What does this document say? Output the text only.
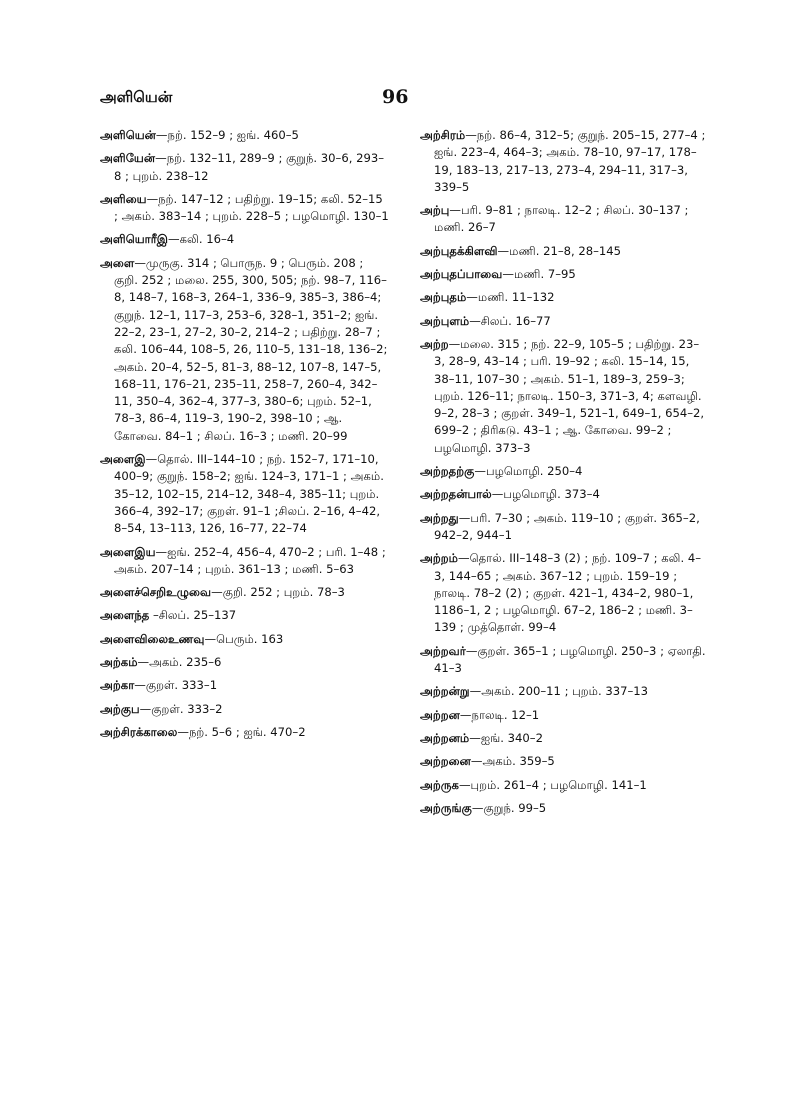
அளியென்	96

அளியென்—நற். 152–9 ; ஐங். 460–5

அளியேன்—நற். 132–11, 289–9 ; குறுந். 30–6, 293–8 ; புறம். 238–12

அளியை—நற். 147–12 ; பதிற்று. 19–15; கலி. 52–15 ; அகம். 383–14 ; புறம். 228–5 ; பழமொழி. 130–1

அளியொரீஇ—கலி. 16–4

அளை—முருகு. 314 ; பொருந. 9 ; பெரும். 208 ; குறி. 252 ; மலை. 255, 300, 505; நற். 98–7, 116–8, 148–7, 168–3, 264–1, 336–9, 385–3, 386–4; குறுந். 12–1, 117–3, 253–6, 328–1, 351–2; ஐங். 22–2, 23–1, 27–2, 30–2, 214–2 ; பதிற்று. 28–7 ; கலி. 106–44, 108–5, 26, 110–5, 131–18, 136–2; அகம். 20–4, 52–5, 81–3, 88–12, 107–8, 147–5, 168–11, 176–21, 235–11, 258–7, 260–4, 342–11, 350–4, 362–4, 377–3, 380–6; புறம். 52–1, 78–3, 86–4, 119–3, 190–2, 398–10 ; ஆ. கோவை. 84–1 ; சிலப். 16–3 ; மணி. 20–99

அளைஇ—தொல். III–144–10 ; நற். 152–7, 171–10, 400–9; குறுந். 158–2; ஐங். 124–3, 171–1 ; அகம். 35–12, 102–15, 214–12, 348–4, 385–11; புறம். 366–4, 392–17; குறள். 91–1 ;சிலப். 2–16, 4–42, 8–54, 13–113, 126, 16–77, 22–74

அளைஇய—ஐங். 252–4, 456–4, 470–2 ; பரி. 1–48 ; அகம். 207–14 ; புறம். 361–13 ; மணி. 5–63

அளைச்செறிஉழுவை—குறி. 252 ; புறம். 78–3

அளைந்த –சிலப். 25–137

அளைவிலைஉணவு—பெரும். 163

அற்கம்—அகம். 235–6

அற்கா—குறள். 333–1

அற்குப—குறள். 333–2

அற்சிரக்காலை—நற். 5–6 ; ஐங். 470–2

அற்சிரம்—நற். 86–4, 312–5; குறுந். 205–15, 277–4 ; ஐங். 223–4, 464–3; அகம். 78–10, 97–17, 178–19, 183–13, 217–13, 273–4, 294–11, 317–3, 339–5

அற்பு—பரி. 9–81 ; நாலடி. 12–2 ; சிலப். 30–137 ; மணி. 26–7

அற்புதக்கிளவி—மணி. 21–8, 28–145

அற்புதப்பாவை—மணி. 7–95

அற்புதம்—மணி. 11–132

அற்புளம்—சிலப். 16–77

அற்ற—மலை. 315 ; நற். 22–9, 105–5 ; பதிற்று. 23–3, 28–9, 43–14 ; பரி. 19–92 ; கலி. 15–14, 15, 38–11, 107–30 ; அகம். 51–1, 189–3, 259–3; புறம். 126–11; நாலடி. 150–3, 371–3, 4; களவழி. 9–2, 28–3 ; குறள். 349–1, 521–1, 649–1, 654–2, 699–2 ; திரிகடு. 43–1 ; ஆ. கோவை. 99–2 ; பழமொழி. 373–3

அற்றதற்கு—பழமொழி. 250–4

அற்றதன்பால்—பழமொழி. 373–4

அற்றது—பரி. 7–30 ; அகம். 119–10 ; குறள். 365–2, 942–2, 944–1

அற்றம்—தொல். III–148–3 (2) ; நற். 109–7 ; கலி. 4–3, 144–65 ; அகம். 367–12 ; புறம். 159–19 ; நாலடி. 78–2 (2) ; குறள். 421–1, 434–2, 980–1, 1186–1, 2 ; பழமொழி. 67–2, 186–2 ; மணி. 3–139 ; முத்தொள். 99–4

அற்றவர்—குறள். 365–1 ; பழமொழி. 250–3 ; ஏலாதி. 41–3

அற்றன்று—அகம். 200–11 ; புறம். 337–13

அற்றன—நாலடி. 12–1

அற்றனம்—ஐங். 340–2

அற்றனை—அகம். 359–5

அற்ருக—புறம். 261–4 ; பழமொழி. 141–1

அற்ருங்கு—குறுந். 99–5
